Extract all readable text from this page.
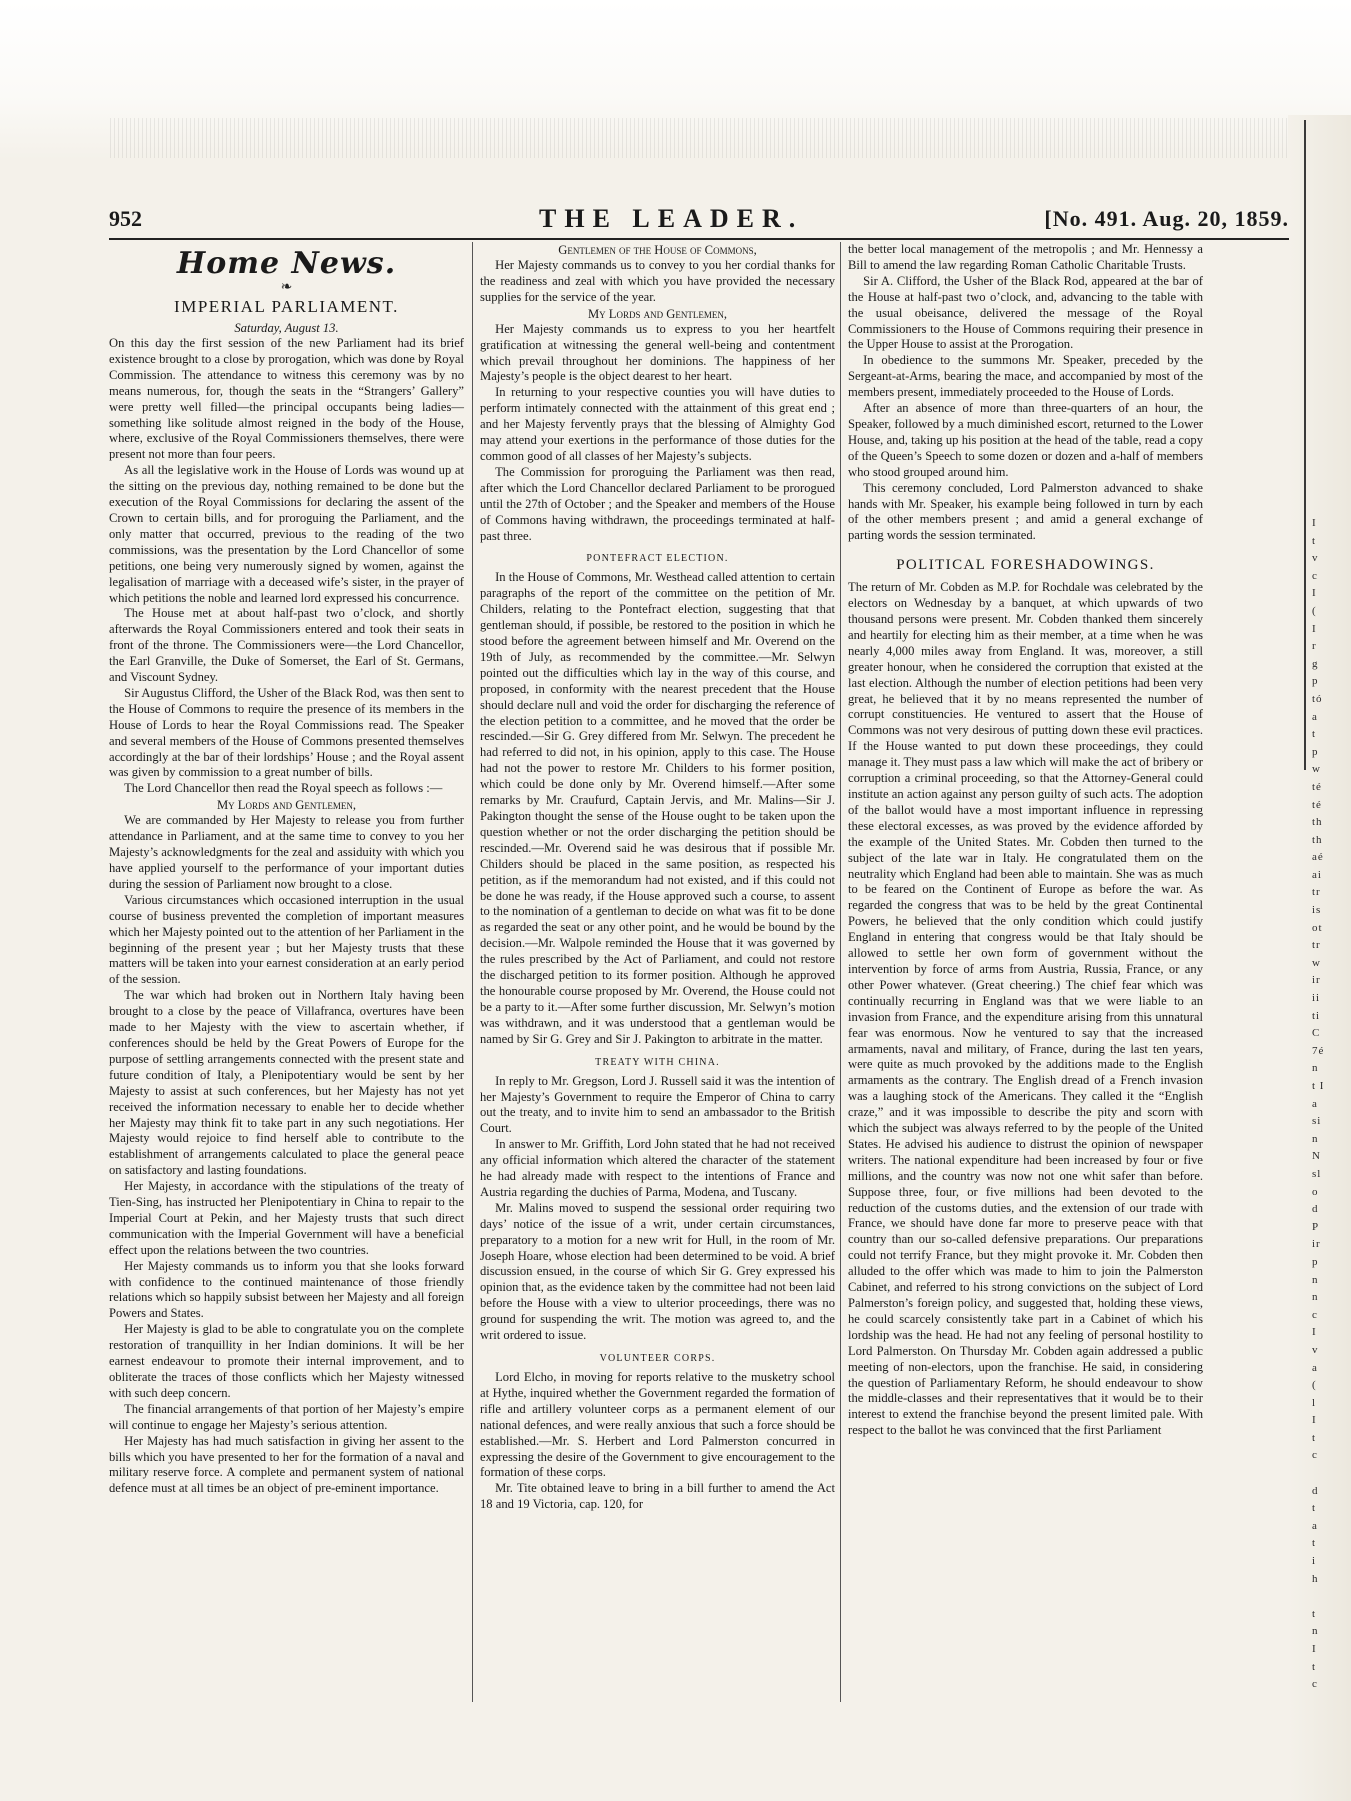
I
t
v
c
I
(
I
r
g
p
tó
a
t
p
w
té
té
th
th
aé
ai
tr
is
ot
tr
w
ir
ii
ti
C
7é
n
t I
a
si
n
N
sl
o
d
P
ir
p
n
n
c
I
v
a
(
l
I
t
c
d
t
a
t
i
h
t
n
I
t
c
952	THE LEADER.	[No. 491. Aug. 20, 1859.
Home News.
❧
IMPERIAL PARLIAMENT.
Saturday, August 13.

On this day the first session of the new Parliament had its brief existence brought to a close by prorogation, which was done by Royal Commission. The attendance to witness this ceremony was by no means numerous, for, though the seats in the “Strangers’ Gallery” were pretty well filled—the principal occupants being ladies—something like solitude almost reigned in the body of the House, where, exclusive of the Royal Commissioners themselves, there were present not more than four peers.

As all the legislative work in the House of Lords was wound up at the sitting on the previous day, nothing remained to be done but the execution of the Royal Commissions for declaring the assent of the Crown to certain bills, and for proroguing the Parliament, and the only matter that occurred, previous to the reading of the two commissions, was the presentation by the Lord Chancellor of some petitions, one being very numerously signed by women, against the legalisation of marriage with a deceased wife’s sister, in the prayer of which petitions the noble and learned lord expressed his concurrence.

The House met at about half-past two o’clock, and shortly afterwards the Royal Commissioners entered and took their seats in front of the throne. The Commissioners were—the Lord Chancellor, the Earl Granville, the Duke of Somerset, the Earl of St. Germans, and Viscount Sydney.

Sir Augustus Clifford, the Usher of the Black Rod, was then sent to the House of Commons to require the presence of its members in the House of Lords to hear the Royal Commissions read. The Speaker and several members of the House of Commons presented themselves accordingly at the bar of their lordships’ House ; and the Royal assent was given by commission to a great number of bills.

The Lord Chancellor then read the Royal speech as follows :—

My Lords and Gentlemen,

We are commanded by Her Majesty to release you from further attendance in Parliament, and at the same time to convey to you her Majesty’s acknowledgments for the zeal and assiduity with which you have applied yourself to the performance of your important duties during the session of Parliament now brought to a close.

Various circumstances which occasioned interruption in the usual course of business prevented the completion of important measures which her Majesty pointed out to the attention of her Parliament in the beginning of the present year ; but her Majesty trusts that these matters will be taken into your earnest consideration at an early period of the session.

The war which had broken out in Northern Italy having been brought to a close by the peace of Villafranca, overtures have been made to her Majesty with the view to ascertain whether, if conferences should be held by the Great Powers of Europe for the purpose of settling arrangements connected with the present state and future condition of Italy, a Plenipotentiary would be sent by her Majesty to assist at such conferences, but her Majesty has not yet received the information necessary to enable her to decide whether her Majesty may think fit to take part in any such negotiations. Her Majesty would rejoice to find herself able to contribute to the establishment of arrangements calculated to place the general peace on satisfactory and lasting foundations.

Her Majesty, in accordance with the stipulations of the treaty of Tien-Sing, has instructed her Plenipotentiary in China to repair to the Imperial Court at Pekin, and her Majesty trusts that such direct communication with the Imperial Government will have a beneficial effect upon the relations between the two countries.

Her Majesty commands us to inform you that she looks forward with confidence to the continued maintenance of those friendly relations which so happily subsist between her Majesty and all foreign Powers and States.

Her Majesty is glad to be able to congratulate you on the complete restoration of tranquillity in her Indian dominions. It will be her earnest endeavour to promote their internal improvement, and to obliterate the traces of those conflicts which her Majesty witnessed with such deep concern.

The financial arrangements of that portion of her Majesty’s empire will continue to engage her Majesty’s serious attention.

Her Majesty has had much satisfaction in giving her assent to the bills which you have presented to her for the formation of a naval and military reserve force. A complete and permanent system of national defence must at all times be an object of pre-eminent importance.

Gentlemen of the House of Commons,

Her Majesty commands us to convey to you her cordial thanks for the readiness and zeal with which you have provided the necessary supplies for the service of the year.

My Lords and Gentlemen,

Her Majesty commands us to express to you her heartfelt gratification at witnessing the general well-being and contentment which prevail throughout her dominions. The happiness of her Majesty’s people is the object dearest to her heart.

In returning to your respective counties you will have duties to perform intimately connected with the attainment of this great end ; and her Majesty fervently prays that the blessing of Almighty God may attend your exertions in the performance of those duties for the common good of all classes of her Majesty’s subjects.

The Commission for proroguing the Parliament was then read, after which the Lord Chancellor declared Parliament to be prorogued until the 27th of October ; and the Speaker and members of the House of Commons having withdrawn, the proceedings terminated at half-past three.

PONTEFRACT ELECTION.

In the House of Commons, Mr. Westhead called attention to certain paragraphs of the report of the committee on the petition of Mr. Childers, relating to the Pontefract election, suggesting that that gentleman should, if possible, be restored to the position in which he stood before the agreement between himself and Mr. Overend on the 19th of July, as recommended by the committee.—Mr. Selwyn pointed out the difficulties which lay in the way of this course, and proposed, in conformity with the nearest precedent that the House should declare null and void the order for discharging the reference of the election petition to a committee, and he moved that the order be rescinded.—Sir G. Grey differed from Mr. Selwyn. The precedent he had referred to did not, in his opinion, apply to this case. The House had not the power to restore Mr. Childers to his former position, which could be done only by Mr. Overend himself.—After some remarks by Mr. Craufurd, Captain Jervis, and Mr. Malins—Sir J. Pakington thought the sense of the House ought to be taken upon the question whether or not the order discharging the petition should be rescinded.—Mr. Overend said he was desirous that if possible Mr. Childers should be placed in the same position, as respected his petition, as if the memorandum had not existed, and if this could not be done he was ready, if the House approved such a course, to assent to the nomination of a gentleman to decide on what was fit to be done as regarded the seat or any other point, and he would be bound by the decision.—Mr. Walpole reminded the House that it was governed by the rules prescribed by the Act of Parliament, and could not restore the discharged petition to its former position. Although he approved the honourable course proposed by Mr. Overend, the House could not be a party to it.—After some further discussion, Mr. Selwyn’s motion was withdrawn, and it was understood that a gentleman would be named by Sir G. Grey and Sir J. Pakington to arbitrate in the matter.

TREATY WITH CHINA.

In reply to Mr. Gregson, Lord J. Russell said it was the intention of her Majesty’s Government to require the Emperor of China to carry out the treaty, and to invite him to send an ambassador to the British Court.

In answer to Mr. Griffith, Lord John stated that he had not received any official information which altered the character of the statement he had already made with respect to the intentions of France and Austria regarding the duchies of Parma, Modena, and Tuscany.

Mr. Malins moved to suspend the sessional order requiring two days’ notice of the issue of a writ, under certain circumstances, preparatory to a motion for a new writ for Hull, in the room of Mr. Joseph Hoare, whose election had been determined to be void. A brief discussion ensued, in the course of which Sir G. Grey expressed his opinion that, as the evidence taken by the committee had not been laid before the House with a view to ulterior proceedings, there was no ground for suspending the writ. The motion was agreed to, and the writ ordered to issue.

VOLUNTEER CORPS.

Lord Elcho, in moving for reports relative to the musketry school at Hythe, inquired whether the Government regarded the formation of rifle and artillery volunteer corps as a permanent element of our national defences, and were really anxious that such a force should be established.—Mr. S. Herbert and Lord Palmerston concurred in expressing the desire of the Government to give encouragement to the formation of these corps.

Mr. Tite obtained leave to bring in a bill further to amend the Act 18 and 19 Victoria, cap. 120, for

the better local management of the metropolis ; and Mr. Hennessy a Bill to amend the law regarding Roman Catholic Charitable Trusts.

Sir A. Clifford, the Usher of the Black Rod, appeared at the bar of the House at half-past two o’clock, and, advancing to the table with the usual obeisance, delivered the message of the Royal Commissioners to the House of Commons requiring their presence in the Upper House to assist at the Prorogation.

In obedience to the summons Mr. Speaker, preceded by the Sergeant-at-Arms, bearing the mace, and accompanied by most of the members present, immediately proceeded to the House of Lords.

After an absence of more than three-quarters of an hour, the Speaker, followed by a much diminished escort, returned to the Lower House, and, taking up his position at the head of the table, read a copy of the Queen’s Speech to some dozen or dozen and a-half of members who stood grouped around him.

This ceremony concluded, Lord Palmerston advanced to shake hands with Mr. Speaker, his example being followed in turn by each of the other members present ; and amid a general exchange of parting words the session terminated.

POLITICAL FORESHADOWINGS.

The return of Mr. Cobden as M.P. for Rochdale was celebrated by the electors on Wednesday by a banquet, at which upwards of two thousand persons were present. Mr. Cobden thanked them sincerely and heartily for electing him as their member, at a time when he was nearly 4,000 miles away from England. It was, moreover, a still greater honour, when he considered the corruption that existed at the last election. Although the number of election petitions had been very great, he believed that it by no means represented the number of corrupt constituencies. He ventured to assert that the House of Commons was not very desirous of putting down these evil practices. If the House wanted to put down these proceedings, they could manage it. They must pass a law which will make the act of bribery or corruption a criminal proceeding, so that the Attorney-General could institute an action against any person guilty of such acts. The adoption of the ballot would have a most important influence in repressing these electoral excesses, as was proved by the evidence afforded by the example of the United States. Mr. Cobden then turned to the subject of the late war in Italy. He congratulated them on the neutrality which England had been able to maintain. She was as much to be feared on the Continent of Europe as before the war. As regarded the congress that was to be held by the great Continental Powers, he believed that the only condition which could justify England in entering that congress would be that Italy should be allowed to settle her own form of government without the intervention by force of arms from Austria, Russia, France, or any other Power whatever. (Great cheering.) The chief fear which was continually recurring in England was that we were liable to an invasion from France, and the expenditure arising from this unnatural fear was enormous. Now he ventured to say that the increased armaments, naval and military, of France, during the last ten years, were quite as much provoked by the additions made to the English armaments as the contrary. The English dread of a French invasion was a laughing stock of the Americans. They called it the “English craze,” and it was impossible to describe the pity and scorn with which the subject was always referred to by the people of the United States. He advised his audience to distrust the opinion of newspaper writers. The national expenditure had been increased by four or five millions, and the country was now not one whit safer than before. Suppose three, four, or five millions had been devoted to the reduction of the customs duties, and the extension of our trade with France, we should have done far more to preserve peace with that country than our so-called defensive preparations. Our preparations could not terrify France, but they might provoke it. Mr. Cobden then alluded to the offer which was made to him to join the Palmerston Cabinet, and referred to his strong convictions on the subject of Lord Palmerston’s foreign policy, and suggested that, holding these views, he could scarcely consistently take part in a Cabinet of which his lordship was the head. He had not any feeling of personal hostility to Lord Palmerston. On Thursday Mr. Cobden again addressed a public meeting of non-electors, upon the franchise. He said, in considering the question of Parliamentary Reform, he should endeavour to show the middle-classes and their representatives that it would be to their interest to extend the franchise beyond the present limited pale. With respect to the ballot he was convinced that the first Parliament
